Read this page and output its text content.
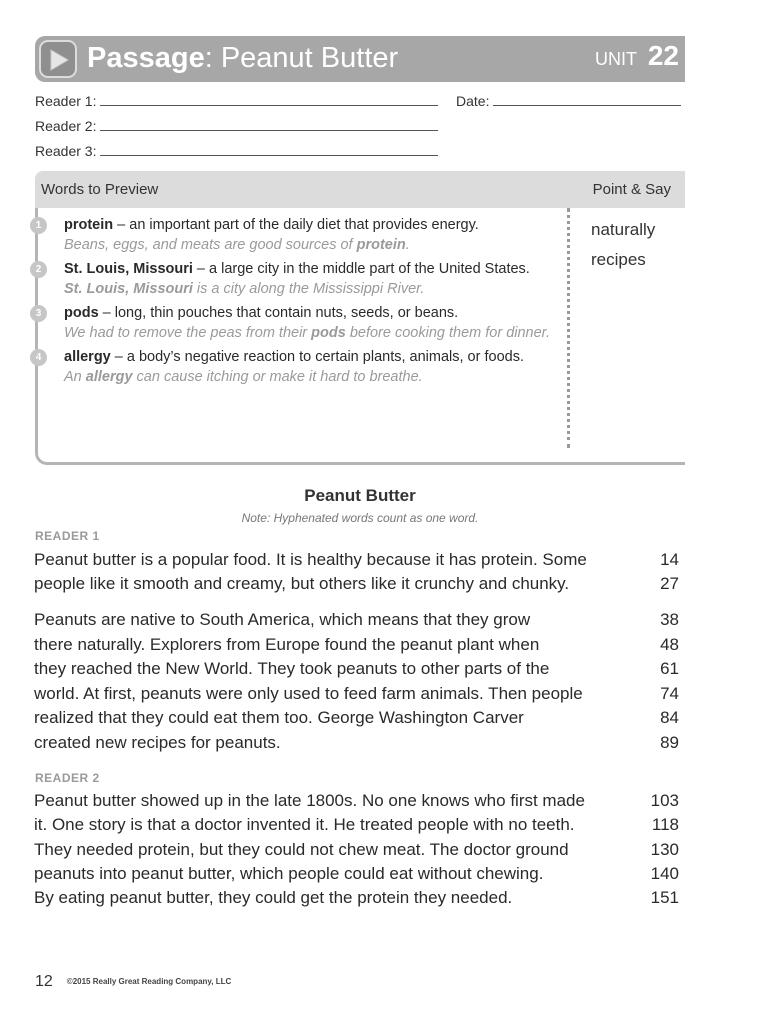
Passage: Peanut Butter	UNIT 22
Reader 1:	Date:
Reader 2:
Reader 3:
Words to Preview	Point & Say
1	protein – an important part of the daily diet that provides energy.
Beans, eggs, and meats are good sources of protein.
2	St. Louis, Missouri – a large city in the middle part of the United States.
St. Louis, Missouri is a city along the Mississippi River.
3	pods – long, thin pouches that contain nuts, seeds, or beans.
We had to remove the peas from their pods before cooking them for dinner.
4	allergy – a body’s negative reaction to certain plants, animals, or foods.
An allergy can cause itching or make it hard to breathe.
naturally
recipes
Peanut Butter
Note: Hyphenated words count as one word.
READER 1
Peanut butter is a popular food. It is healthy because it has protein. Some	14
people like it smooth and creamy, but others like it crunchy and chunky.	27
Peanuts are native to South America, which means that they grow	38
there naturally. Explorers from Europe found the peanut plant when	48
they reached the New World. They took peanuts to other parts of the	61
world. At first, peanuts were only used to feed farm animals. Then people	74
realized that they could eat them too. George Washington Carver	84
created new recipes for peanuts.	89
READER 2
Peanut butter showed up in the late 1800s. No one knows who first made	103
it. One story is that a doctor invented it. He treated people with no teeth.	118
They needed protein, but they could not chew meat. The doctor ground	130
peanuts into peanut butter, which people could eat without chewing.	140
By eating peanut butter, they could get the protein they needed.	151
12 ©2015 Really Great Reading Company, LLC
